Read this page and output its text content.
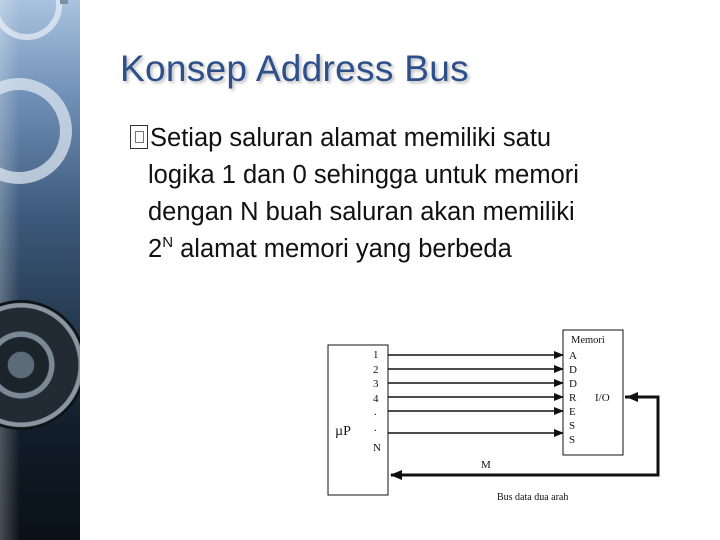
Konsep Address Bus
Setiap saluran alamat memiliki satu
logika 1 dan 0 sehingga untuk memori
dengan N buah saluran akan memiliki
$2^N$ alamat memori yang berbeda
µP
1
2
3
4
.
.
N
Memori
A
D
D
R
E
S
S
I/O
M
Bus data dua arah
